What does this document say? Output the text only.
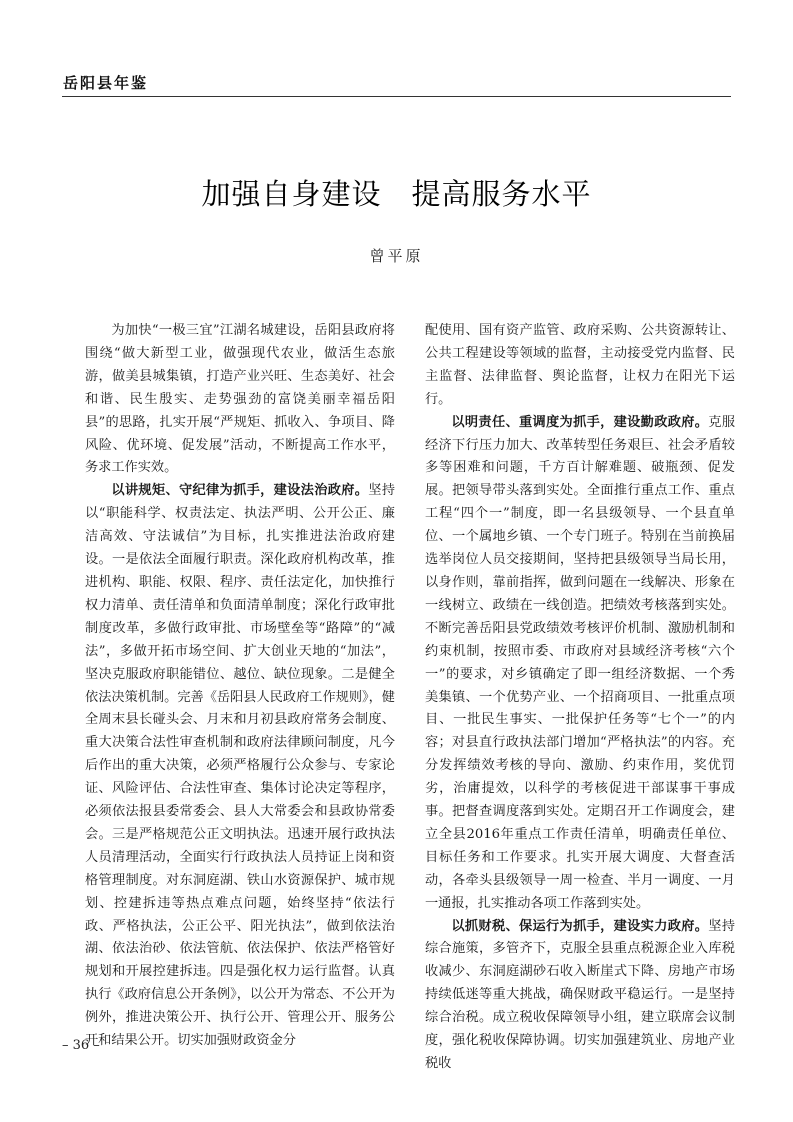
岳阳县年鉴
加强自身建设　提高服务水平
曾平原

为加快“一极三宜”江湖名城建设，岳阳县政府将围绕“做大新型工业，做强现代农业，做活生态旅游，做美县城集镇，打造产业兴旺、生态美好、社会和谐、民生殷实、走势强劲的富饶美丽幸福岳阳县”的思路，扎实开展“严规矩、抓收入、争项目、降风险、优环境、促发展”活动，不断提高工作水平，务求工作实效。

以讲规矩、守纪律为抓手，建设法治政府。坚持以“职能科学、权责法定、执法严明、公开公正、廉洁高效、守法诚信”为目标，扎实推进法治政府建设。一是依法全面履行职责。深化政府机构改革，推进机构、职能、权限、程序、责任法定化，加快推行权力清单、责任清单和负面清单制度；深化行政审批制度改革，多做行政审批、市场壁垒等“路障”的“减法”，多做开拓市场空间、扩大创业天地的“加法”，坚决克服政府职能错位、越位、缺位现象。二是健全依法决策机制。完善《岳阳县人民政府工作规则》，健全周末县长碰头会、月末和月初县政府常务会制度、重大决策合法性审查机制和政府法律顾问制度，凡今后作出的重大决策，必须严格履行公众参与、专家论证、风险评估、合法性审查、集体讨论决定等程序，必须依法报县委常委会、县人大常委会和县政协常委会。三是严格规范公正文明执法。迅速开展行政执法人员清理活动，全面实行行政执法人员持证上岗和资格管理制度。对东洞庭湖、铁山水资源保护、城市规划、控建拆违等热点难点问题，始终坚持“依法行政、严格执法，公正公平、阳光执法”，做到依法治湖、依法治砂、依法管航、依法保护、依法严格管好规划和开展控建拆违。四是强化权力运行监督。认真执行《政府信息公开条例》，以公开为常态、不公开为例外，推进决策公开、执行公开、管理公开、服务公开和结果公开。切实加强财政资金分

配使用、国有资产监管、政府采购、公共资源转让、公共工程建设等领域的监督，主动接受党内监督、民主监督、法律监督、舆论监督，让权力在阳光下运行。

以明责任、重调度为抓手，建设勤政政府。克服经济下行压力加大、改革转型任务艰巨、社会矛盾较多等困难和问题，千方百计解难题、破瓶颈、促发展。把领导带头落到实处。全面推行重点工作、重点工程“四个一”制度，即一名县级领导、一个县直单位、一个属地乡镇、一个专门班子。特别在当前换届选举岗位人员交接期间，坚持把县级领导当局长用，以身作则，靠前指挥，做到问题在一线解决、形象在一线树立、政绩在一线创造。把绩效考核落到实处。不断完善岳阳县党政绩效考核评价机制、激励机制和约束机制，按照市委、市政府对县域经济考核“六个一”的要求，对乡镇确定了即一组经济数据、一个秀美集镇、一个优势产业、一个招商项目、一批重点项目、一批民生事实、一批保护任务等“七个一”的内容；对县直行政执法部门增加“严格执法”的内容。充分发挥绩效考核的导向、激励、约束作用，奖优罚劣，治庸提效，以科学的考核促进干部谋事干事成事。把督查调度落到实处。定期召开工作调度会，建立全县2016年重点工作责任清单，明确责任单位、目标任务和工作要求。扎实开展大调度、大督查活动，各牵头县级领导一周一检查、半月一调度、一月一通报，扎实推动各项工作落到实处。

以抓财税、保运行为抓手，建设实力政府。坚持综合施策，多管齐下，克服全县重点税源企业入库税收减少、东洞庭湖砂石收入断崖式下降、房地产市场持续低迷等重大挑战，确保财政平稳运行。一是坚持综合治税。成立税收保障领导小组，建立联席会议制度，强化税收保障协调。切实加强建筑业、房地产业税收

– 36 –
